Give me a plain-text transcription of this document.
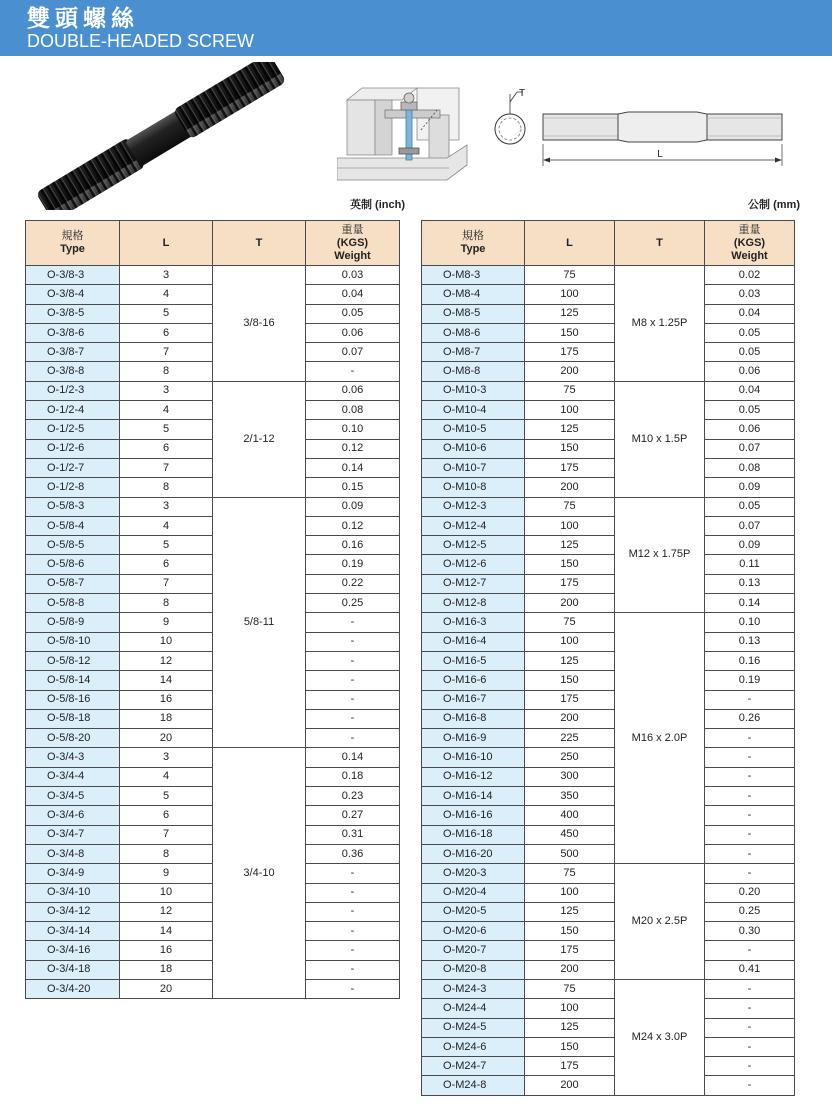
雙頭螺絲
DOUBLE-HEADED SCREW
T
L
英制 (inch)	公制 (mm)
規格
Type	L	T	重量
(KGS)
Weight
O-3/8-3	3	3/8-16	0.03
O-3/8-4	4		0.04
O-3/8-5	5		0.05
O-3/8-6	6		0.06
O-3/8-7	7		0.07
O-3/8-8	8		-
O-1/2-3	3	2/1-12	0.06
O-1/2-4	4		0.08
O-1/2-5	5		0.10
O-1/2-6	6		0.12
O-1/2-7	7		0.14
O-1/2-8	8		0.15
O-5/8-3	3	5/8-11	0.09
O-5/8-4	4		0.12
O-5/8-5	5		0.16
O-5/8-6	6		0.19
O-5/8-7	7		0.22
O-5/8-8	8		0.25
O-5/8-9	9		-
O-5/8-10	10		-
O-5/8-12	12		-
O-5/8-14	14		-
O-5/8-16	16		-
O-5/8-18	18		-
O-5/8-20	20		-
O-3/4-3	3	3/4-10	0.14
O-3/4-4	4		0.18
O-3/4-5	5		0.23
O-3/4-6	6		0.27
O-3/4-7	7		0.31
O-3/4-8	8		0.36
O-3/4-9	9		-
O-3/4-10	10		-
O-3/4-12	12		-
O-3/4-14	14		-
O-3/4-16	16		-
O-3/4-18	18		-
O-3/4-20	20		-
規格
Type	L	T	重量
(KGS)
Weight
O-M8-3	75	M8 x 1.25P	0.02
O-M8-4	100		0.03
O-M8-5	125		0.04
O-M8-6	150		0.05
O-M8-7	175		0.05
O-M8-8	200		0.06
O-M10-3	75	M10 x 1.5P	0.04
O-M10-4	100		0.05
O-M10-5	125		0.06
O-M10-6	150		0.07
O-M10-7	175		0.08
O-M10-8	200		0.09
O-M12-3	75	M12 x 1.75P	0.05
O-M12-4	100		0.07
O-M12-5	125		0.09
O-M12-6	150		0.11
O-M12-7	175		0.13
O-M12-8	200		0.14
O-M16-3	75	M16 x 2.0P	0.10
O-M16-4	100		0.13
O-M16-5	125		0.16
O-M16-6	150		0.19
O-M16-7	175		-
O-M16-8	200		0.26
O-M16-9	225		-
O-M16-10	250		-
O-M16-12	300		-
O-M16-14	350		-
O-M16-16	400		-
O-M16-18	450		-
O-M16-20	500		-
O-M20-3	75	M20 x 2.5P	-
O-M20-4	100		0.20
O-M20-5	125		0.25
O-M20-6	150		0.30
O-M20-7	175		-
O-M20-8	200		0.41
O-M24-3	75	M24 x 3.0P	-
O-M24-4	100		-
O-M24-5	125		-
O-M24-6	150		-
O-M24-7	175		-
O-M24-8	200		-
